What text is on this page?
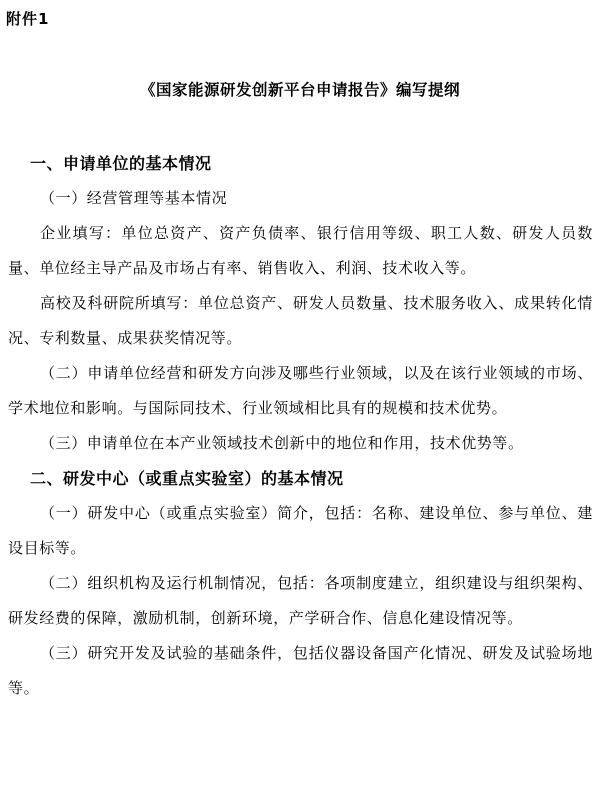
附件1
《国家能源研发创新平台申请报告》编写提纲
一、申请单位的基本情况
（一）经营管理等基本情况
企业填写：单位总资产、资产负债率、银行信用等级、职工人数、研发人员数量、单位经主导产品及市场占有率、销售收入、利润、技术收入等。
高校及科研院所填写：单位总资产、研发人员数量、技术服务收入、成果转化情况、专利数量、成果获奖情况等。
（二）申请单位经营和研发方向涉及哪些行业领域，以及在该行业领域的市场、学术地位和影响。与国际同技术、行业领域相比具有的规模和技术优势。
（三）申请单位在本产业领域技术创新中的地位和作用，技术优势等。
二、研发中心（或重点实验室）的基本情况
（一）研发中心（或重点实验室）简介，包括：名称、建设单位、参与单位、建设目标等。
（二）组织机构及运行机制情况，包括：各项制度建立，组织建设与组织架构、研发经费的保障，激励机制，创新环境，产学研合作、信息化建设情况等。
（三）研究开发及试验的基础条件，包括仪器设备国产化情况、研发及试验场地等。
